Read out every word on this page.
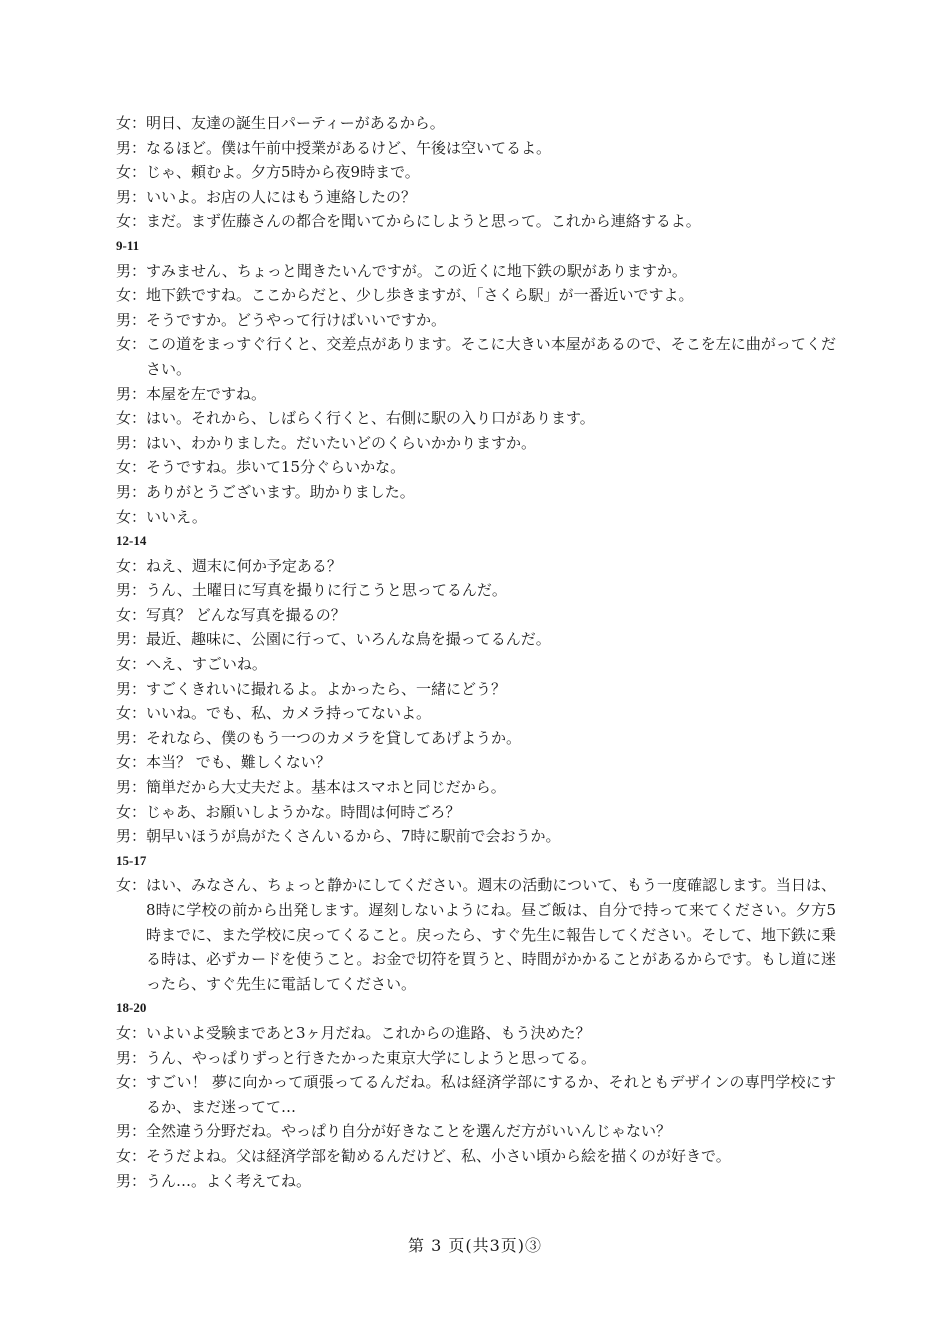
女： 明日、友達の誕生日パーティーがあるから。
男： なるほど。僕は午前中授業があるけど、午後は空いてるよ。
女： じゃ、頼むよ。夕方5時から夜9時まで。
男： いいよ。お店の人にはもう連絡したの？
女： まだ。まず佐藤さんの都合を聞いてからにしようと思って。これから連絡するよ。
9-11
男： すみません、ちょっと聞きたいんですが。この近くに地下鉄の駅がありますか。
女： 地下鉄ですね。ここからだと、少し歩きますが、「さくら駅」が一番近いですよ。
男： そうですか。どうやって行けばいいですか。
女： この道をまっすぐ行くと、交差点があります。そこに大きい本屋があるので、そこを左に曲がってください。
男： 本屋を左ですね。
女： はい。それから、しばらく行くと、右側に駅の入り口があります。
男： はい、わかりました。だいたいどのくらいかかりますか。
女： そうですね。歩いて15分ぐらいかな。
男： ありがとうございます。助かりました。
女： いいえ。
12-14
女： ねえ、週末に何か予定ある？
男： うん、土曜日に写真を撮りに行こうと思ってるんだ。
女： 写真？ どんな写真を撮るの？
男： 最近、趣味に、公園に行って、いろんな鳥を撮ってるんだ。
女： へえ、すごいね。
男： すごくきれいに撮れるよ。よかったら、一緒にどう？
女： いいね。でも、私、カメラ持ってないよ。
男： それなら、僕のもう一つのカメラを貸してあげようか。
女： 本当？ でも、難しくない？
男： 簡単だから大丈夫だよ。基本はスマホと同じだから。
女： じゃあ、お願いしようかな。時間は何時ごろ？
男： 朝早いほうが鳥がたくさんいるから、7時に駅前で会おうか。
15-17
女： はい、みなさん、ちょっと静かにしてください。週末の活動について、もう一度確認します。当日は、8時に学校の前から出発します。遅刻しないようにね。昼ご飯は、自分で持って来てください。夕方5時までに、また学校に戻ってくること。戻ったら、すぐ先生に報告してください。そして、地下鉄に乗る時は、必ずカードを使うこと。お金で切符を買うと、時間がかかることがあるからです。もし道に迷ったら、すぐ先生に電話してください。
18-20
女： いよいよ受験まであと3ヶ月だね。これからの進路、もう決めた？
男： うん、やっぱりずっと行きたかった東京大学にしようと思ってる。
女： すごい！ 夢に向かって頑張ってるんだね。私は経済学部にするか、それともデザインの専門学校にするか、まだ迷ってて…
男： 全然違う分野だね。やっぱり自分が好きなことを選んだ方がいいんじゃない？
女： そうだよね。父は経済学部を勧めるんだけど、私、小さい頃から絵を描くのが好きで。
男： うん…。よく考えてね。
第 3 页(共3页)③
